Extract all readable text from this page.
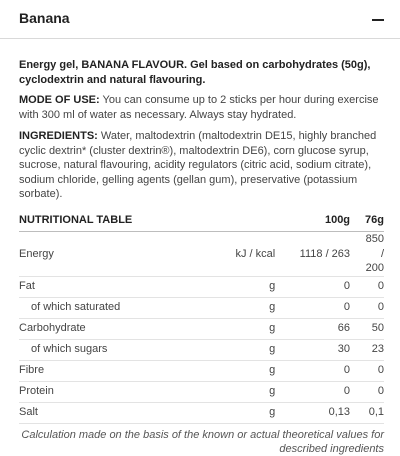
Banana

Energy gel, BANANA FLAVOUR. Gel based on carbohydrates (50g), cyclodextrin and natural flavouring.

MODE OF USE: You can consume up to 2 sticks per hour during exercise with 300 ml of water as necessary. Always stay hydrated.

INGREDIENTS: Water, maltodextrin (maltodextrin DE15, highly branched cyclic dextrin* (cluster dextrin®), maltodextrin DE6), corn glucose syrup, sucrose, natural flavouring, acidity regulators (citric acid, sodium citrate), sodium chloride, gelling agents (gellan gum), preservative (potassium sorbate).

NUTRITIONAL TABLE		100g	76g
Energy	kJ / kcal	1118 / 263	850 / 200
Fat	g	0	0
of which saturated	g	0	0
Carbohydrate	g	66	50
of which sugars	g	30	23
Fibre	g	0	0
Protein	g	0	0
Salt	g	0,13	0,1
Calculation made on the basis of the known or actual theoretical values for described ingredients
